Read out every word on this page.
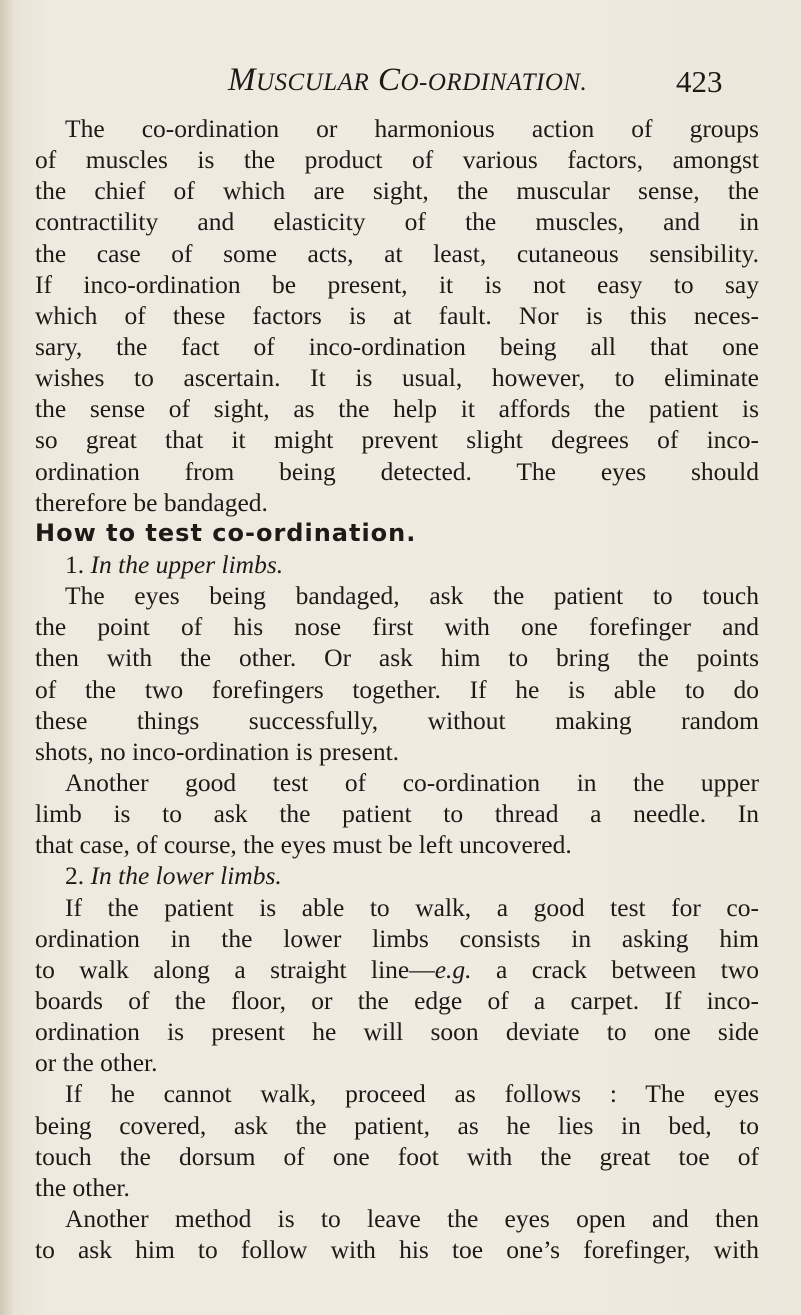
MUSCULAR CO-ORDINATION.	423
The co-ordination or harmonious action of groups
of muscles is the product of various factors, amongst
the chief of which are sight, the muscular sense, the
contractility and elasticity of the muscles, and in
the case of some acts, at least, cutaneous sensibility.
If inco-ordination be present, it is not easy to say
which of these factors is at fault. Nor is this neces-
sary, the fact of inco-ordination being all that one
wishes to ascertain. It is usual, however, to eliminate
the sense of sight, as the help it affords the patient is
so great that it might prevent slight degrees of inco-
ordination from being detected. The eyes should
therefore be bandaged.
How to test co-ordination.
1. In the upper limbs.
The eyes being bandaged, ask the patient to touch
the point of his nose first with one forefinger and
then with the other. Or ask him to bring the points
of the two forefingers together. If he is able to do
these things successfully, without making random
shots, no inco-ordination is present.
Another good test of co-ordination in the upper
limb is to ask the patient to thread a needle. In
that case, of course, the eyes must be left uncovered.
2. In the lower limbs.
If the patient is able to walk, a good test for co-
ordination in the lower limbs consists in asking him
to walk along a straight line—e.g. a crack between two
boards of the floor, or the edge of a carpet. If inco-
ordination is present he will soon deviate to one side
or the other.
If he cannot walk, proceed as follows : The eyes
being covered, ask the patient, as he lies in bed, to
touch the dorsum of one foot with the great toe of
the other.
Another method is to leave the eyes open and then
to ask him to follow with his toe one’s forefinger, with
